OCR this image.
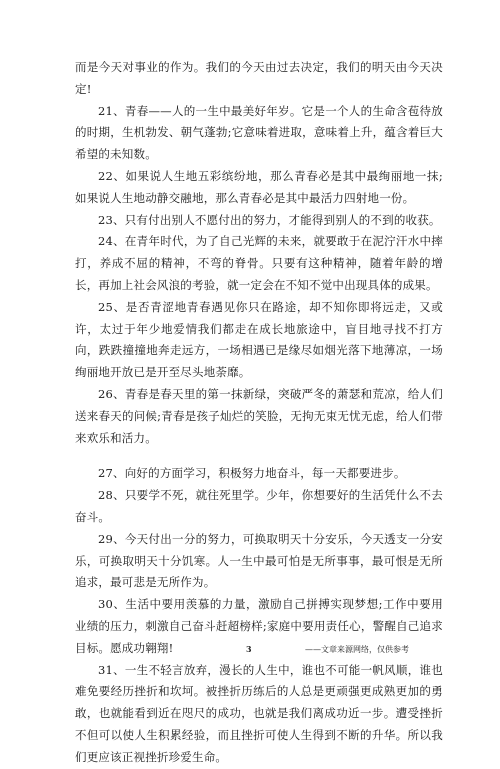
而是今天对事业的作为。我们的今天由过去决定，我们的明天由今天决定!

21、青春——人的一生中最美好年岁。它是一个人的生命含苞待放的时期，生机勃发、朝气蓬勃;它意味着进取，意味着上升，蕴含着巨大希望的未知数。

22、如果说人生地五彩缤纷地，那么青春必是其中最绚丽地一抹;如果说人生地动静交融地，那么青春必是其中最活力四射地一份。

23、只有付出别人不愿付出的努力，才能得到别人的不到的收获。

24、在青年时代，为了自己光辉的未来，就要敢于在泥泞汗水中摔打，养成不屈的精神，不弯的脊骨。只要有这种精神，随着年龄的增长，再加上社会风浪的考验，就一定会在不知不觉中出现具体的成果。

25、是否青涩地青春遇见你只在路途，却不知你即将远走，又或许，太过于年少地爱情我们都走在成长地旅途中，盲目地寻找不打方向，跌跌撞撞地奔走远方，一场相遇已是缘尽如烟光落下地薄凉，一场绚丽地开放已是开至尽头地荼靡。

26、青春是春天里的第一抹新绿，突破严冬的萧瑟和荒凉，给人们送来春天的问候;青春是孩子灿烂的笑脸，无拘无束无忧无虑，给人们带来欢乐和活力。

27、向好的方面学习，积极努力地奋斗，每一天都要进步。

28、只要学不死，就往死里学。少年，你想要好的生活凭什么不去奋斗。

29、今天付出一分的努力，可换取明天十分安乐，今天透支一分安乐，可换取明天十分饥寒。人一生中最可怕是无所事事，最可恨是无所追求，最可悲是无所作为。

30、生活中要用羡慕的力量，激励自己拼搏实现梦想;工作中要用业绩的压力，刺激自己奋斗赶超榜样;家庭中要用责任心，警醒自己追求目标。愿成功翱翔!

31、一生不轻言放弃，漫长的人生中，谁也不可能一帆风顺，谁也难免要经历挫折和坎坷。被挫折历练后的人总是更顽强更成熟更加的勇敢，也就能看到近在咫尺的成功，也就是我们离成功近一步。遭受挫折不但可以使人生积累经验，而且挫折可使人生得到不断的升华。所以我们更应该正视挫折珍爱生命。

3	——文章来源网络，仅供参考
